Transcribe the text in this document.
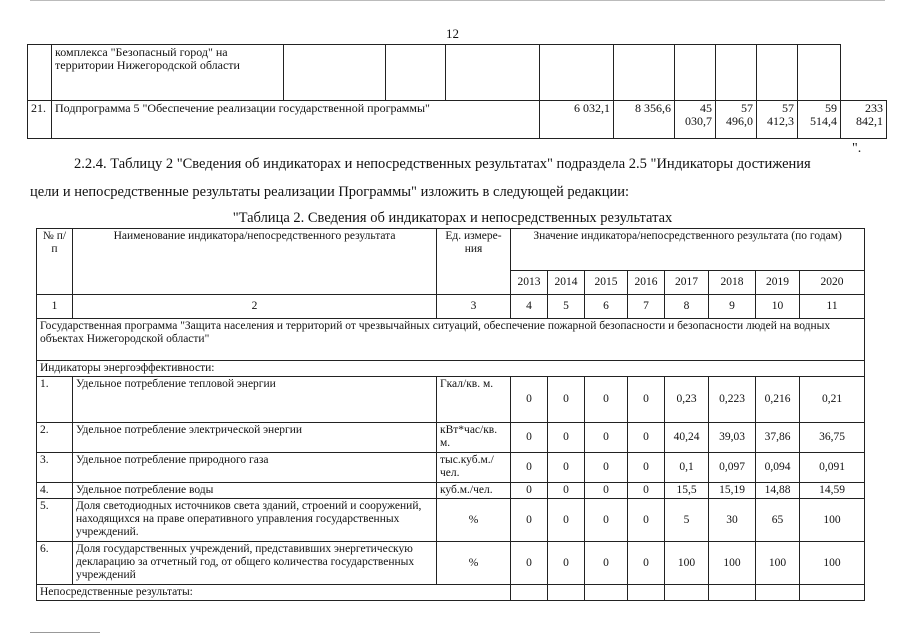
12
	комплекса "Безопасный город" на территории Нижегородской области										
21.	Подпрограмма 5 "Обеспечение реализации государственной программы"				6 032,1	8 356,6	45 030,7	57 496,0	57 412,3	59 514,4	233 842,1
".
2.2.4. Таблицу 2 "Сведения об индикаторах и непосредственных результатах" подраздела 2.5 "Индикаторы достижения
цели и непосредственные результаты реализации Программы" изложить в следующей редакции:
"Таблица 2. Сведения об индикаторах и непосредственных результатах
№ п/п	Наименование индикатора/непосредственного результата	Ед. измере-ния	Значение индикатора/непосредственного результата (по годам)							
			2013	2014	2015	2016	2017	2018	2019	2020
1	2	3	4	5	6	7	8	9	10	11
Государственная программа "Защита населения и территорий от чрезвычайных ситуаций, обеспечение пожарной безопасности и безопасности людей на водных объектах Нижегородской области"										
Индикаторы энергоэффективности:										
1.	Удельное потребление тепловой энергии	Гкал/кв. м.	0	0	0	0	0,23	0,223	0,216	0,21
2.	Удельное потребление электрической энергии	кВт*час/кв. м.	0	0	0	0	40,24	39,03	37,86	36,75
3.	Удельное потребление природного газа	тыс.куб.м./ чел.	0	0	0	0	0,1	0,097	0,094	0,091
4.	Удельное потребление воды	куб.м./чел.	0	0	0	0	15,5	15,19	14,88	14,59
5.	Доля светодиодных источников света зданий, строений и сооружений, находящихся на праве оперативного управления государственных учреждений.	%	0	0	0	0	5	30	65	100
6.	Доля государственных учреждений, представивших энергетическую декларацию за отчетный год, от общего количества государственных учреждений	%	0	0	0	0	100	100	100	100
Непосредственные результаты:										
